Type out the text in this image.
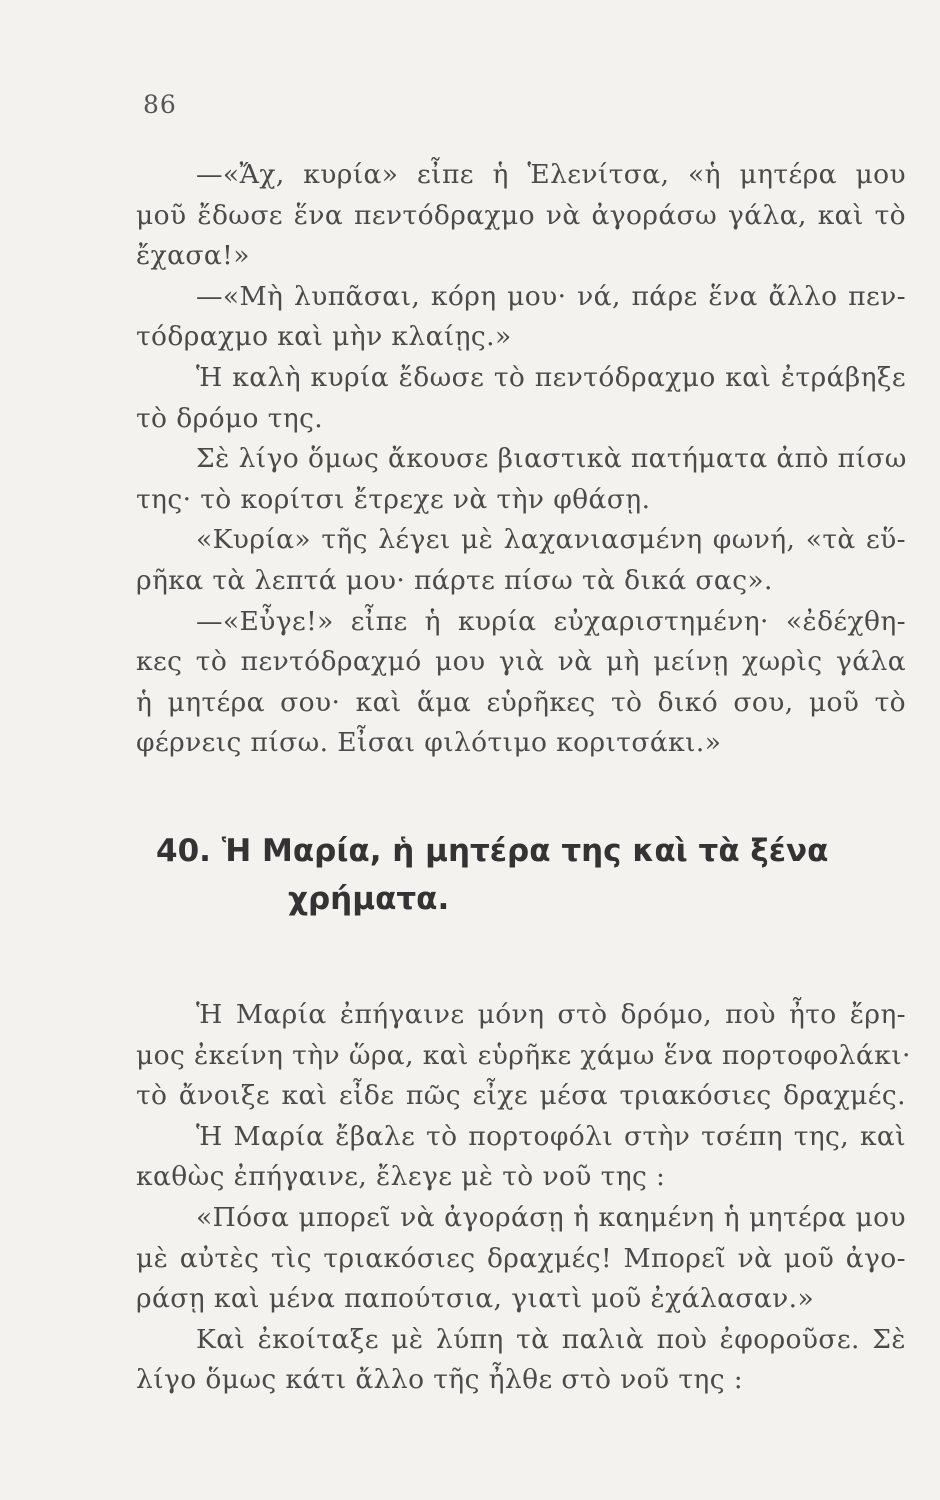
86
—«Ἄχ, κυρία» εἶπε ἡ Ἑλενίτσα, «ἡ μητέρα μου
μοῦ ἔδωσε ἕνα πεντόδραχμο νὰ ἀγοράσω γάλα, καὶ τὸ
ἔχασα!»
—«Μὴ λυπᾶσαι, κόρη μου· νά, πάρε ἕνα ἄλλο πεν-
τόδραχμο καὶ μὴν κλαίῃς.»
Ἡ καλὴ κυρία ἔδωσε τὸ πεντόδραχμο καὶ ἐτράβηξε
τὸ δρόμο της.
Σὲ λίγο ὅμως ἄκουσε βιαστικὰ πατήματα ἀπὸ πίσω
της· τὸ κορίτσι ἔτρεχε νὰ τὴν φθάσῃ.
«Κυρία» τῆς λέγει μὲ λαχανιασμένη φωνή, «τὰ εὕ-
ρῆκα τὰ λεπτά μου· πάρτε πίσω τὰ δικά σας».
—«Εὖγε!» εἶπε ἡ κυρία εὐχαριστημένη· «ἐδέχθη-
κες τὸ πεντόδραχμό μου γιὰ νὰ μὴ μείνῃ χωρὶς γάλα
ἡ μητέρα σου· καὶ ἅμα εὑρῆκες τὸ δικό σου, μοῦ τὸ
φέρνεις πίσω. Εἶσαι φιλότιμο κοριτσάκι.»
40. Ἡ Μαρία, ἡ μητέρα της καὶ τὰ ξένα
χρήματα.
Ἡ Μαρία ἐπήγαινε μόνη στὸ δρόμο, ποὺ ἦτο ἔρη-
μος ἐκείνη τὴν ὥρα, καὶ εὑρῆκε χάμω ἕνα πορτοφολάκι·
τὸ ἄνοιξε καὶ εἶδε πῶς εἶχε μέσα τριακόσιες δραχμές.
Ἡ Μαρία ἔβαλε τὸ πορτοφόλι στὴν τσέπη της, καὶ
καθὼς ἐπήγαινε, ἔλεγε μὲ τὸ νοῦ της :
«Πόσα μπορεῖ νὰ ἀγοράσῃ ἡ καημένη ἡ μητέρα μου
μὲ αὐτὲς τὶς τριακόσιες δραχμές! Μπορεῖ νὰ μοῦ ἀγο-
ράσῃ καὶ μένα παπούτσια, γιατὶ μοῦ ἐχάλασαν.»
Καὶ ἐκοίταξε μὲ λύπη τὰ παλιὰ ποὺ ἐφοροῦσε. Σὲ
λίγο ὅμως κάτι ἄλλο τῆς ἦλθε στὸ νοῦ της :
